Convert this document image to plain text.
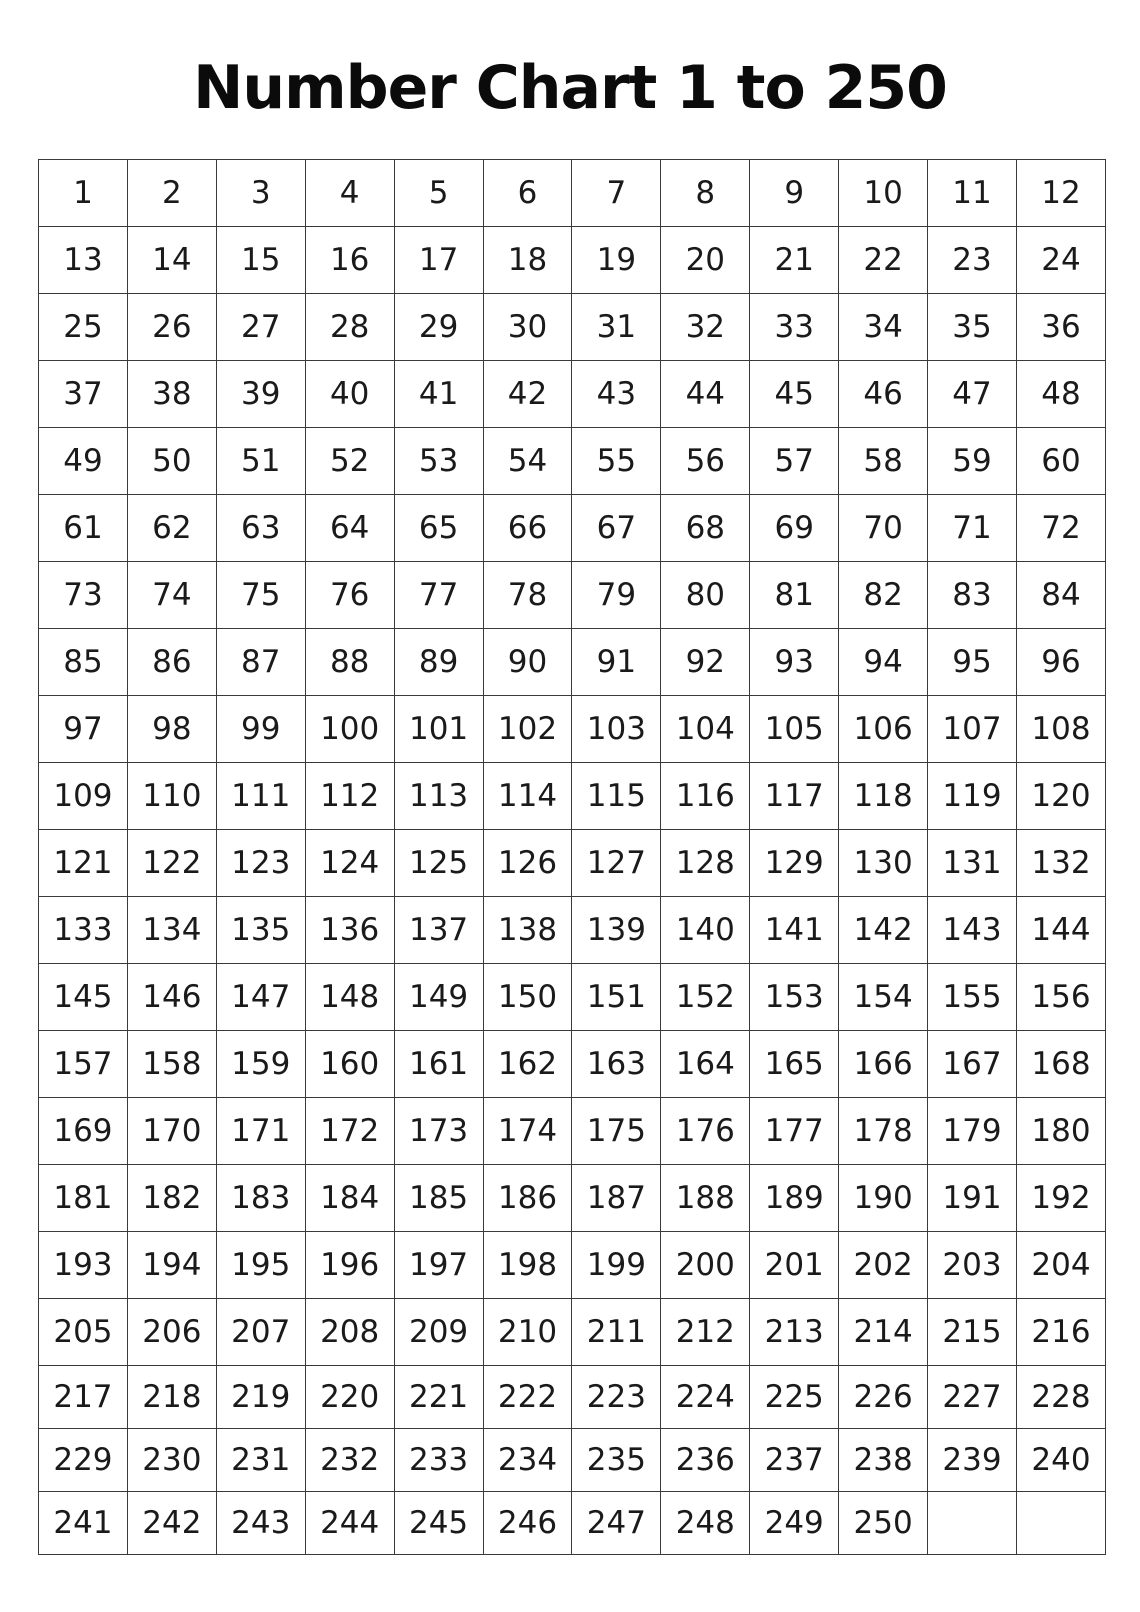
Number Chart 1 to 250
1	2	3	4	5	6	7	8	9	10	11	12
13	14	15	16	17	18	19	20	21	22	23	24
25	26	27	28	29	30	31	32	33	34	35	36
37	38	39	40	41	42	43	44	45	46	47	48
49	50	51	52	53	54	55	56	57	58	59	60
61	62	63	64	65	66	67	68	69	70	71	72
73	74	75	76	77	78	79	80	81	82	83	84
85	86	87	88	89	90	91	92	93	94	95	96
97	98	99	100	101	102	103	104	105	106	107	108
109	110	111	112	113	114	115	116	117	118	119	120
121	122	123	124	125	126	127	128	129	130	131	132
133	134	135	136	137	138	139	140	141	142	143	144
145	146	147	148	149	150	151	152	153	154	155	156
157	158	159	160	161	162	163	164	165	166	167	168
169	170	171	172	173	174	175	176	177	178	179	180
181	182	183	184	185	186	187	188	189	190	191	192
193	194	195	196	197	198	199	200	201	202	203	204
205	206	207	208	209	210	211	212	213	214	215	216
217	218	219	220	221	222	223	224	225	226	227	228
229	230	231	232	233	234	235	236	237	238	239	240
241	242	243	244	245	246	247	248	249	250		
